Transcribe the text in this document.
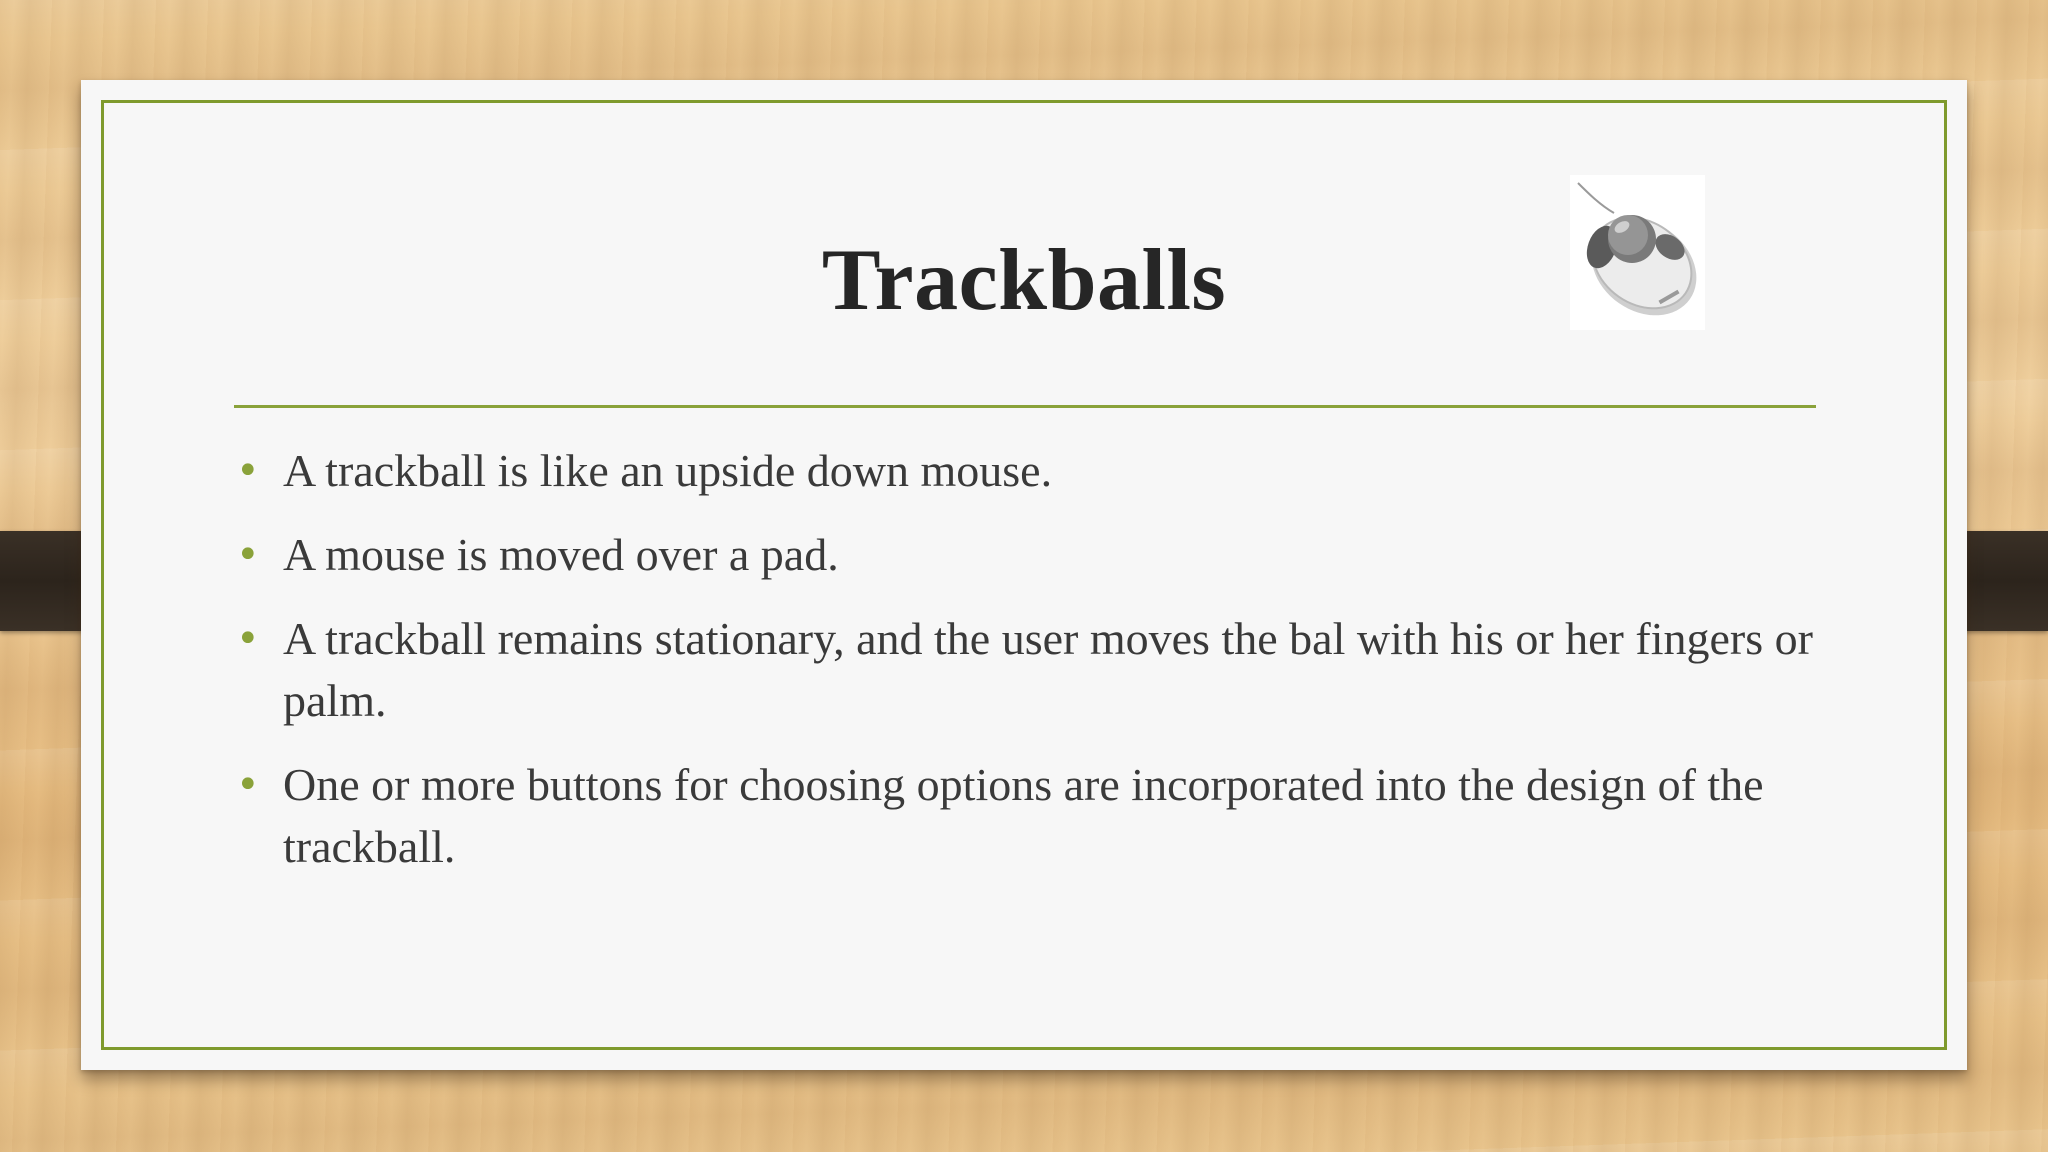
Trackballs
• A trackball is like an upside down mouse.
• A mouse is moved over a pad.
• A trackball remains stationary, and the user moves the bal with his or her fingers or palm.
• One or more buttons for choosing options are incorporated into the design of the trackball.
